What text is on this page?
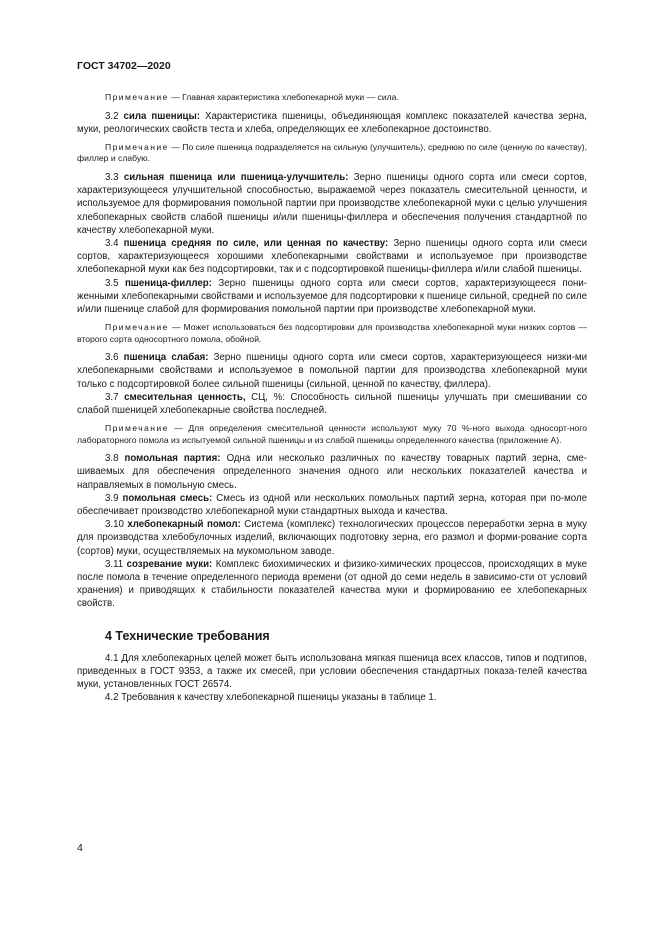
ГОСТ 34702—2020

Примечание — Главная характеристика хлебопекарной муки — сила.

3.2 сила пшеницы: Характеристика пшеницы, объединяющая комплекс показателей качества зерна, муки, реологических свойств теста и хлеба, определяющих ее хлебопекарное достоинство.

Примечание — По силе пшеница подразделяется на сильную (улучшитель), среднюю по силе (ценную по качеству), филлер и слабую.

3.3 сильная пшеница или пшеница-улучшитель: Зерно пшеницы одного сорта или смеси сортов, характеризующееся улучшительной способностью, выражаемой через показатель смесительной ценности, и используемое для формирования помольной партии при производстве хлебопекарной муки с целью улучшения хлебопекарных свойств слабой пшеницы и/или пшеницы-филлера и обеспечения получения стандартной по качеству хлебопекарной муки.

3.4 пшеница средняя по силе, или ценная по качеству: Зерно пшеницы одного сорта или смеси сортов, характеризующееся хорошими хлебопекарными свойствами и используемое при производстве хлебопекарной муки как без подсортировки, так и с подсортировкой пшеницы-филлера и/или слабой пшеницы.

3.5 пшеница-филлер: Зерно пшеницы одного сорта или смеси сортов, характеризующееся пони-женными хлебопекарными свойствами и используемое для подсортировки к пшенице сильной, средней по силе и/или пшенице слабой для формирования помольной партии при производстве хлебопекарной муки.

Примечание — Может использоваться без подсортировки для производства хлебопекарной муки низких сортов — второго сорта односортного помола, обойной.

3.6 пшеница слабая: Зерно пшеницы одного сорта или смеси сортов, характеризующееся низки-ми хлебопекарными свойствами и используемое в помольной партии для производства хлебопекарной муки только с подсортировкой более сильной пшеницы (сильной, ценной по качеству, филлера).

3.7 смесительная ценность, СЦ, %: Способность сильной пшеницы улучшать при смешивании со слабой пшеницей хлебопекарные свойства последней.

Примечание — Для определения смесительной ценности используют муку 70 %-ного выхода односорт-ного лабораторного помола из испытуемой сильной пшеницы и из слабой пшеницы определенного качества (приложение А).

3.8 помольная партия: Одна или несколько различных по качеству товарных партий зерна, сме-шиваемых для обеспечения определенного значения одного или нескольких показателей качества и направляемых в помольную смесь.

3.9 помольная смесь: Смесь из одной или нескольких помольных партий зерна, которая при по-моле обеспечивает производство хлебопекарной муки стандартных выхода и качества.

3.10 хлебопекарный помол: Система (комплекс) технологических процессов переработки зерна в муку для производства хлебобулочных изделий, включающих подготовку зерна, его размол и форми-рование сорта (сортов) муки, осуществляемых на мукомольном заводе.

3.11 созревание муки: Комплекс биохимических и физико-химических процессов, происходящих в муке после помола в течение определенного периода времени (от одной до семи недель в зависимо-сти от условий хранения) и приводящих к стабильности показателей качества муки и формированию ее хлебопекарных свойств.

4 Технические требования

4.1 Для хлебопекарных целей может быть использована мягкая пшеница всех классов, типов и подтипов, приведенных в ГОСТ 9353, а также их смесей, при условии обеспечения стандартных показа-телей качества муки, установленных ГОСТ 26574.

4.2 Требования к качеству хлебопекарной пшеницы указаны в таблице 1.

4
